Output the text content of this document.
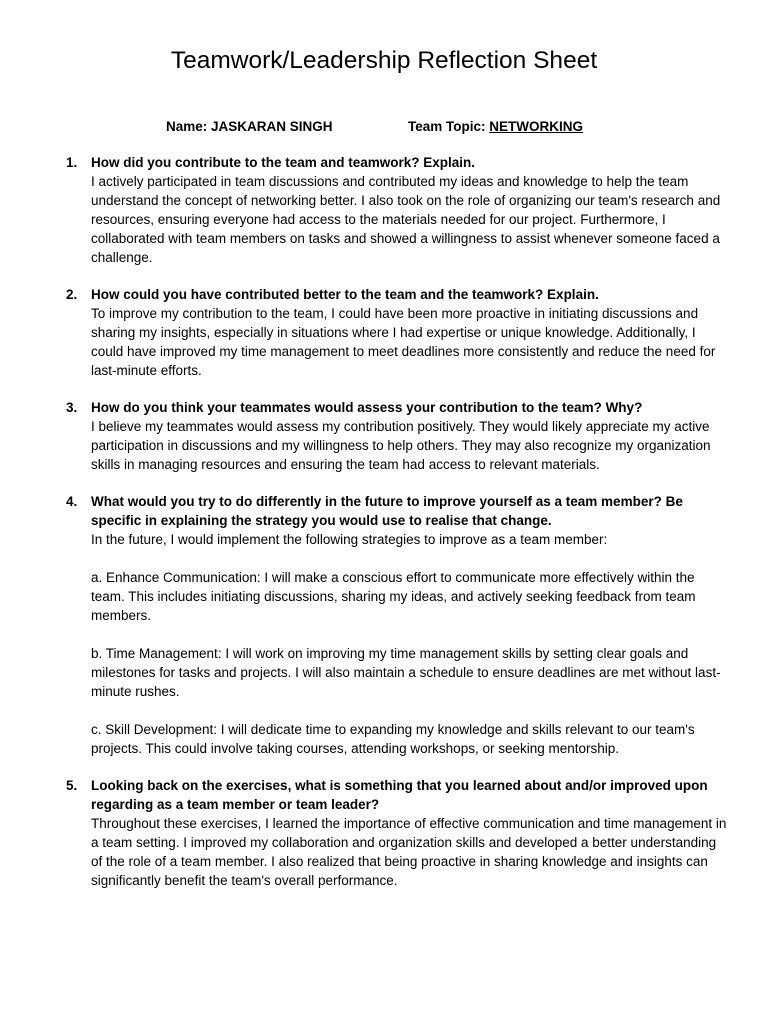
Teamwork/Leadership Reflection Sheet
Name: JASKARAN SINGH	Team Topic: NETWORKING
1. How did you contribute to the team and teamwork? Explain.

I actively participated in team discussions and contributed my ideas and knowledge to help the team understand the concept of networking better. I also took on the role of organizing our team's research and resources, ensuring everyone had access to the materials needed for our project. Furthermore, I collaborated with team members on tasks and showed a willingness to assist whenever someone faced a challenge.

2. How could you have contributed better to the team and the teamwork? Explain.

To improve my contribution to the team, I could have been more proactive in initiating discussions and sharing my insights, especially in situations where I had expertise or unique knowledge. Additionally, I could have improved my time management to meet deadlines more consistently and reduce the need for last-minute efforts.

3. How do you think your teammates would assess your contribution to the team? Why?

I believe my teammates would assess my contribution positively. They would likely appreciate my active participation in discussions and my willingness to help others. They may also recognize my organization skills in managing resources and ensuring the team had access to relevant materials.

4. What would you try to do differently in the future to improve yourself as a team member? Be specific in explaining the strategy you would use to realise that change.

In the future, I would implement the following strategies to improve as a team member:

a. Enhance Communication: I will make a conscious effort to communicate more effectively within the team. This includes initiating discussions, sharing my ideas, and actively seeking feedback from team members.

b. Time Management: I will work on improving my time management skills by setting clear goals and milestones for tasks and projects. I will also maintain a schedule to ensure deadlines are met without last-minute rushes.

c. Skill Development: I will dedicate time to expanding my knowledge and skills relevant to our team's projects. This could involve taking courses, attending workshops, or seeking mentorship.

5. Looking back on the exercises, what is something that you learned about and/or improved upon regarding as a team member or team leader?

Throughout these exercises, I learned the importance of effective communication and time management in a team setting. I improved my collaboration and organization skills and developed a better understanding of the role of a team member. I also realized that being proactive in sharing knowledge and insights can significantly benefit the team's overall performance.
